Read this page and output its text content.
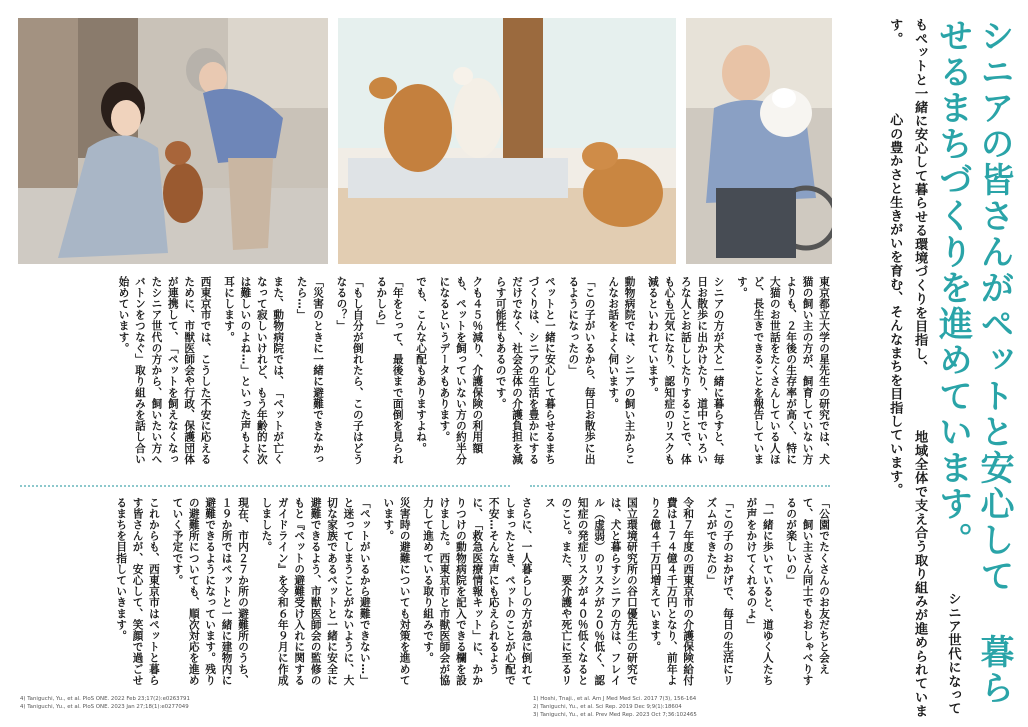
シニアの皆さんがペットと安心して 暮らせるまちづくりを進めています。 シニア世代になってもペットと一緒に安心して暮らせる環境づくりを目指し、 地域全体で支え合う取り組みが進められています。 心の豊かさと生きがいを育む、そんなまちを目指しています。
東京都立大学の星先生の研究では、犬猫の飼い主の方が、飼育していない方よりも、２年後の生存率が高く、特に大猫のお世話をたくさんしている人ほど、長生きできることを報告しています。
シニアの方が犬と一緒に暮らすと、毎日お散歩に出かけたり、道中でいろいろな人とお話ししたりすることで、体も心も元気になり、認知症のリスクも減るといわれています。
動物病院では、シニアの飼い主からこんなお話をよく伺います。
「この子がいるから、毎日お散歩に出るようになったの」
ペットと一緒に安心して暮らせるまちづくりは、シニアの生活を豊かにするだけでなく、社会全体の介護負担を減らす可能性もあるのです。
クも４５％減り、介護保険の利用額も、ペットを飼っていない方の約半分になるというデータもあります。
でも、こんな心配もありますよね。
「年をとって、最後まで面倒を見られるかしら」
「もし自分が倒れたら、この子はどうなるの？」
「災害のときに一緒に避難できなかったら…」
また、動物病院では、「ペットが亡くなって寂しいけれど、もう年齢的に次は難しいのよね…」といった声もよく耳にします。
西東京市では、こうした不安に応えるために、市獣医師会や行政、保護団体が連携して、「ペットを飼えなくなったシニア世代の方から、飼いたい方へバトンをつなぐ」取り組みを話し合い始めています。
「公園でたくさんのお友だちと会えて、飼い主さん同士でもおしゃべりするのが楽しいの」
「一緒に歩いていると、道ゆく人たちが声をかけてくれるのよ」
「この子のおかげで、毎日の生活にリズムができたの」
令和７年度の西東京市の介護保険給付費は１７４億４千万円となり、前年より２億４千万円増えています。
国立環境研究所の谷口優先生の研究では、犬と暮らすシニアの方は、フレイル（虚弱）のリスクが２０％低く、認知症の発症リスクが４０％低くなるとのこと。また、要介護や死亡に至るリス
さらに、一人暮らしの方が急に倒れてしまったとき、ペットのことが心配で不安…そんな声にも応えられるように、「救急医療情報キット」に、かかりつけの動物病院を記入できる欄を設けました。西東京市と市獣医師会が協力して進めている取り組みです。
災害時の避難についても対策を進めています。
「ペットがいるから避難できない…」と迷ってしまうことがないように、大切な家族であるペットと一緒に安全に避難できるよう、市獣医師会の監修のもと『ペットの避難受け入れに関するガイドライン』を令和６年９月に作成しました。
現在、市内２７か所の避難所のうち、１９か所ではペットと一緒に建物内に避難できるようになっています。残りの避難所についても、順次対応を進めていく予定です。
これからも、西東京市はペットと暮らす皆さんが、安心して、笑顔で過ごせるまちを目指していきます。
4) Taniguchi, Yu., et al. PloS ONE. 2022 Feb 23;17(2):e0263791
4) Taniguchi, Yu., et al. PloS ONE. 2023 Jan 27;18(1):e0277049
1) Hoshi, Tnaji., et al. Am J Med Med Sci. 2017 7(3), 156-164
2) Taniguchi, Yu., et al. Sci Rep. 2019 Dec 9;9(1):18604
3) Taniguchi, Yu., et al. Prev Med Rep. 2023 Oct 7;36:102465
